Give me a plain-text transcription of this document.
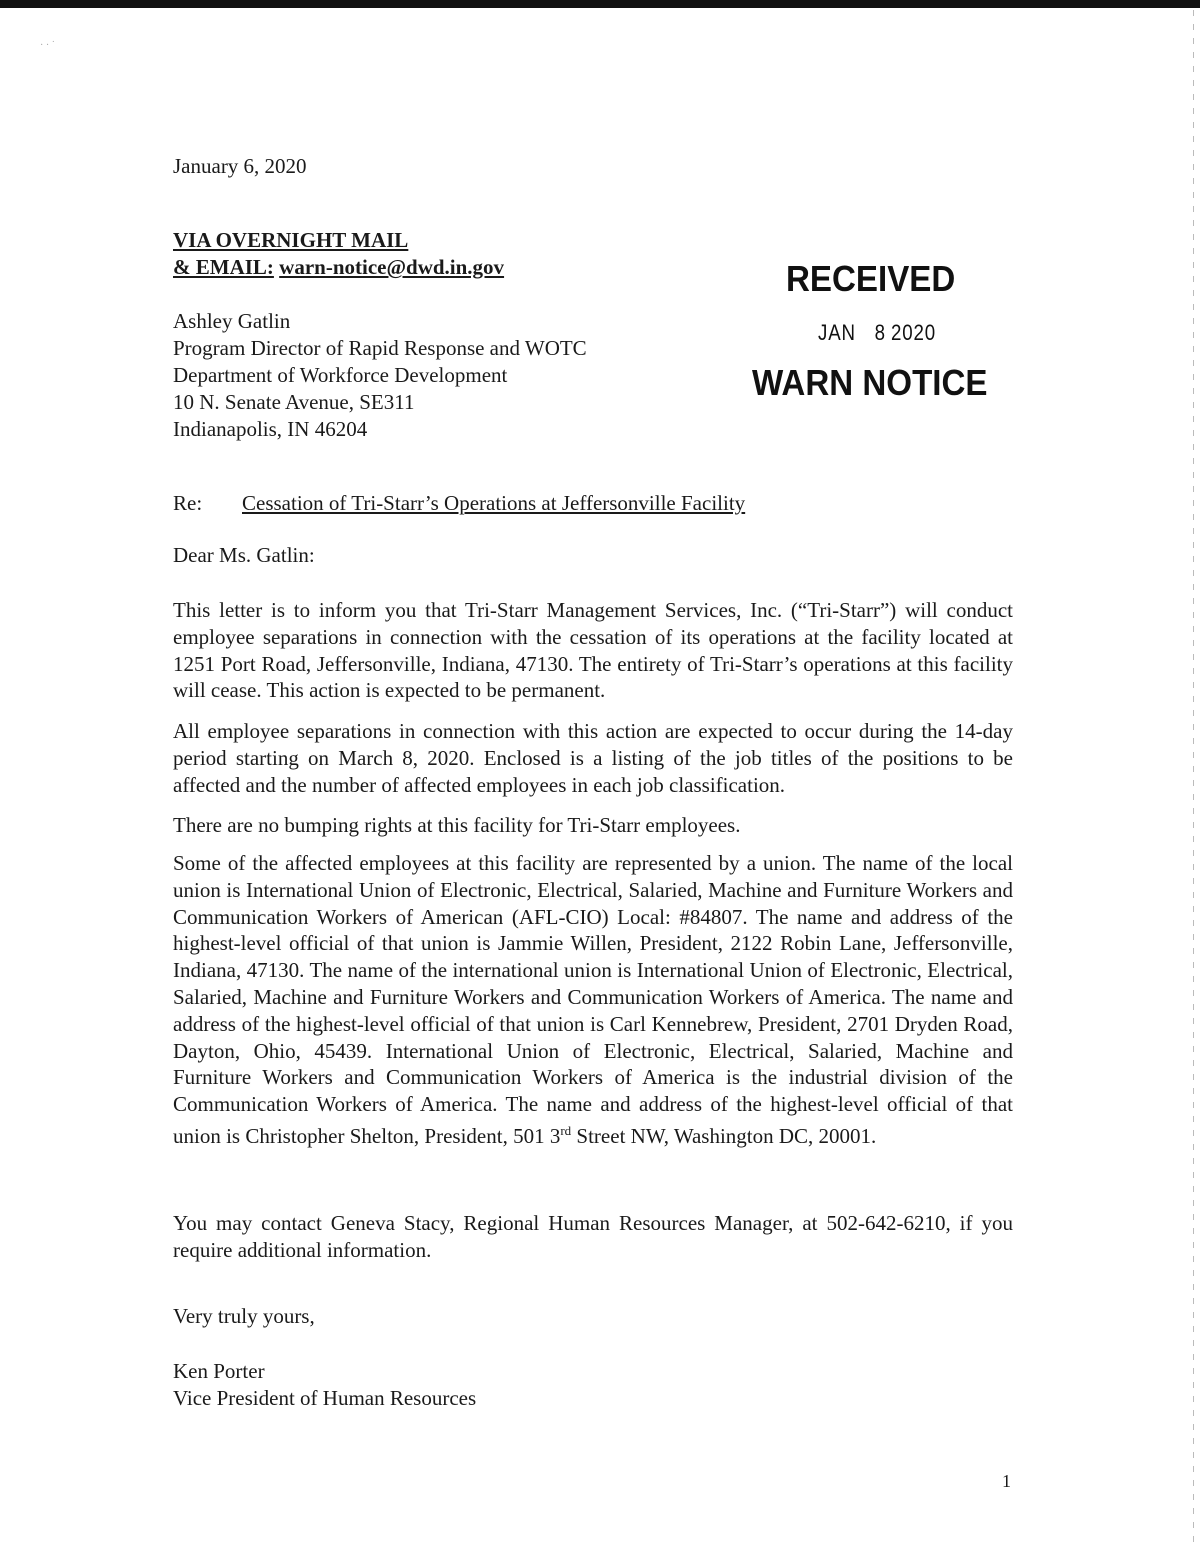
· · ˙
January 6, 2020
VIA OVERNIGHT MAIL
& EMAIL: warn-notice@dwd.in.gov
Ashley Gatlin
Program Director of Rapid Response and WOTC
Department of Workforce Development
10 N. Senate Avenue, SE311
Indianapolis, IN 46204
RECEIVED
JAN 8 2020
WARN NOTICE
Re: Cessation of Tri-Starr’s Operations at Jeffersonville Facility
Dear Ms. Gatlin:
This letter is to inform you that Tri-Starr Management Services, Inc. (“Tri-Starr”) will conduct employee separations in connection with the cessation of its operations at the facility located at 1251 Port Road, Jeffersonville, Indiana, 47130. The entirety of Tri-Starr’s operations at this facility will cease. This action is expected to be permanent.
All employee separations in connection with this action are expected to occur during the 14-day period starting on March 8, 2020. Enclosed is a listing of the job titles of the positions to be affected and the number of affected employees in each job classification.
There are no bumping rights at this facility for Tri-Starr employees.
Some of the affected employees at this facility are represented by a union. The name of the local union is International Union of Electronic, Electrical, Salaried, Machine and Furniture Workers and Communication Workers of American (AFL-CIO) Local: #84807. The name and address of the highest-level official of that union is Jammie Willen, President, 2122 Robin Lane, Jeffersonville, Indiana, 47130. The name of the international union is International Union of Electronic, Electrical, Salaried, Machine and Furniture Workers and Communication Workers of America. The name and address of the highest-level official of that union is Carl Kennebrew, President, 2701 Dryden Road, Dayton, Ohio, 45439. International Union of Electronic, Electrical, Salaried, Machine and Furniture Workers and Communication Workers of America is the industrial division of the Communication Workers of America. The name and address of the highest-level official of that union is Christopher Shelton, President, 501 3rd Street NW, Washington DC, 20001.
You may contact Geneva Stacy, Regional Human Resources Manager, at 502-642-6210, if you require additional information.
Very truly yours,
Ken Porter
Vice President of Human Resources
1
